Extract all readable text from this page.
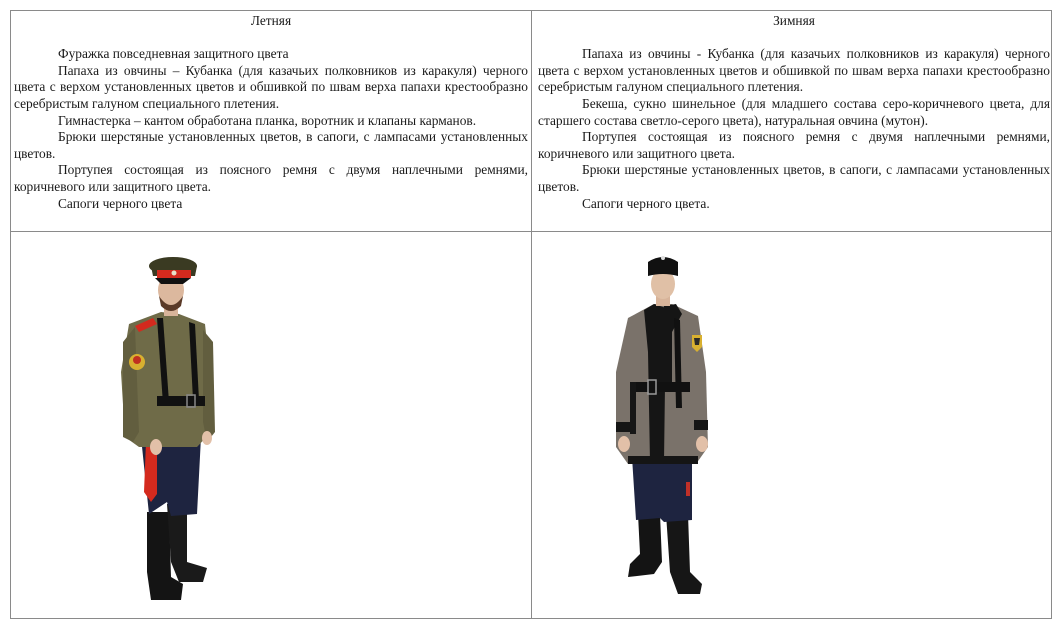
Летняя

Фуражка повседневная защитного цвета

Папаха из овчины – Кубанка (для казачьих полковников из каракуля) черного цвета с верхом установленных цветов и обшивкой по швам верха папахи крестообразно серебристым галуном специального плетения.

Гимнастерка – кантом обработана планка, воротник и клапаны карманов.

Брюки шерстяные установленных цветов, в сапоги, с лампасами установленных цветов.

Портупея состоящая из поясного ремня с двумя наплечными ремнями, коричневого или защитного цвета.

Сапоги черного цвета

Зимняя

Папаха из овчины - Кубанка (для казачьих полковников из каракуля) черного цвета с верхом установленных цветов и обшивкой по швам верха папахи крестообразно серебристым галуном специального плетения.

Бекеша, сукно шинельное (для младшего состава серо-коричневого цвета, для старшего состава светло-серого цвета), натуральная овчина (мутон).

Портупея состоящая из поясного ремня с двумя наплечными ремнями, коричневого или защитного цвета.

Брюки шерстяные установленных цветов, в сапоги, с лампасами установленных цветов.

Сапоги черного цвета.
